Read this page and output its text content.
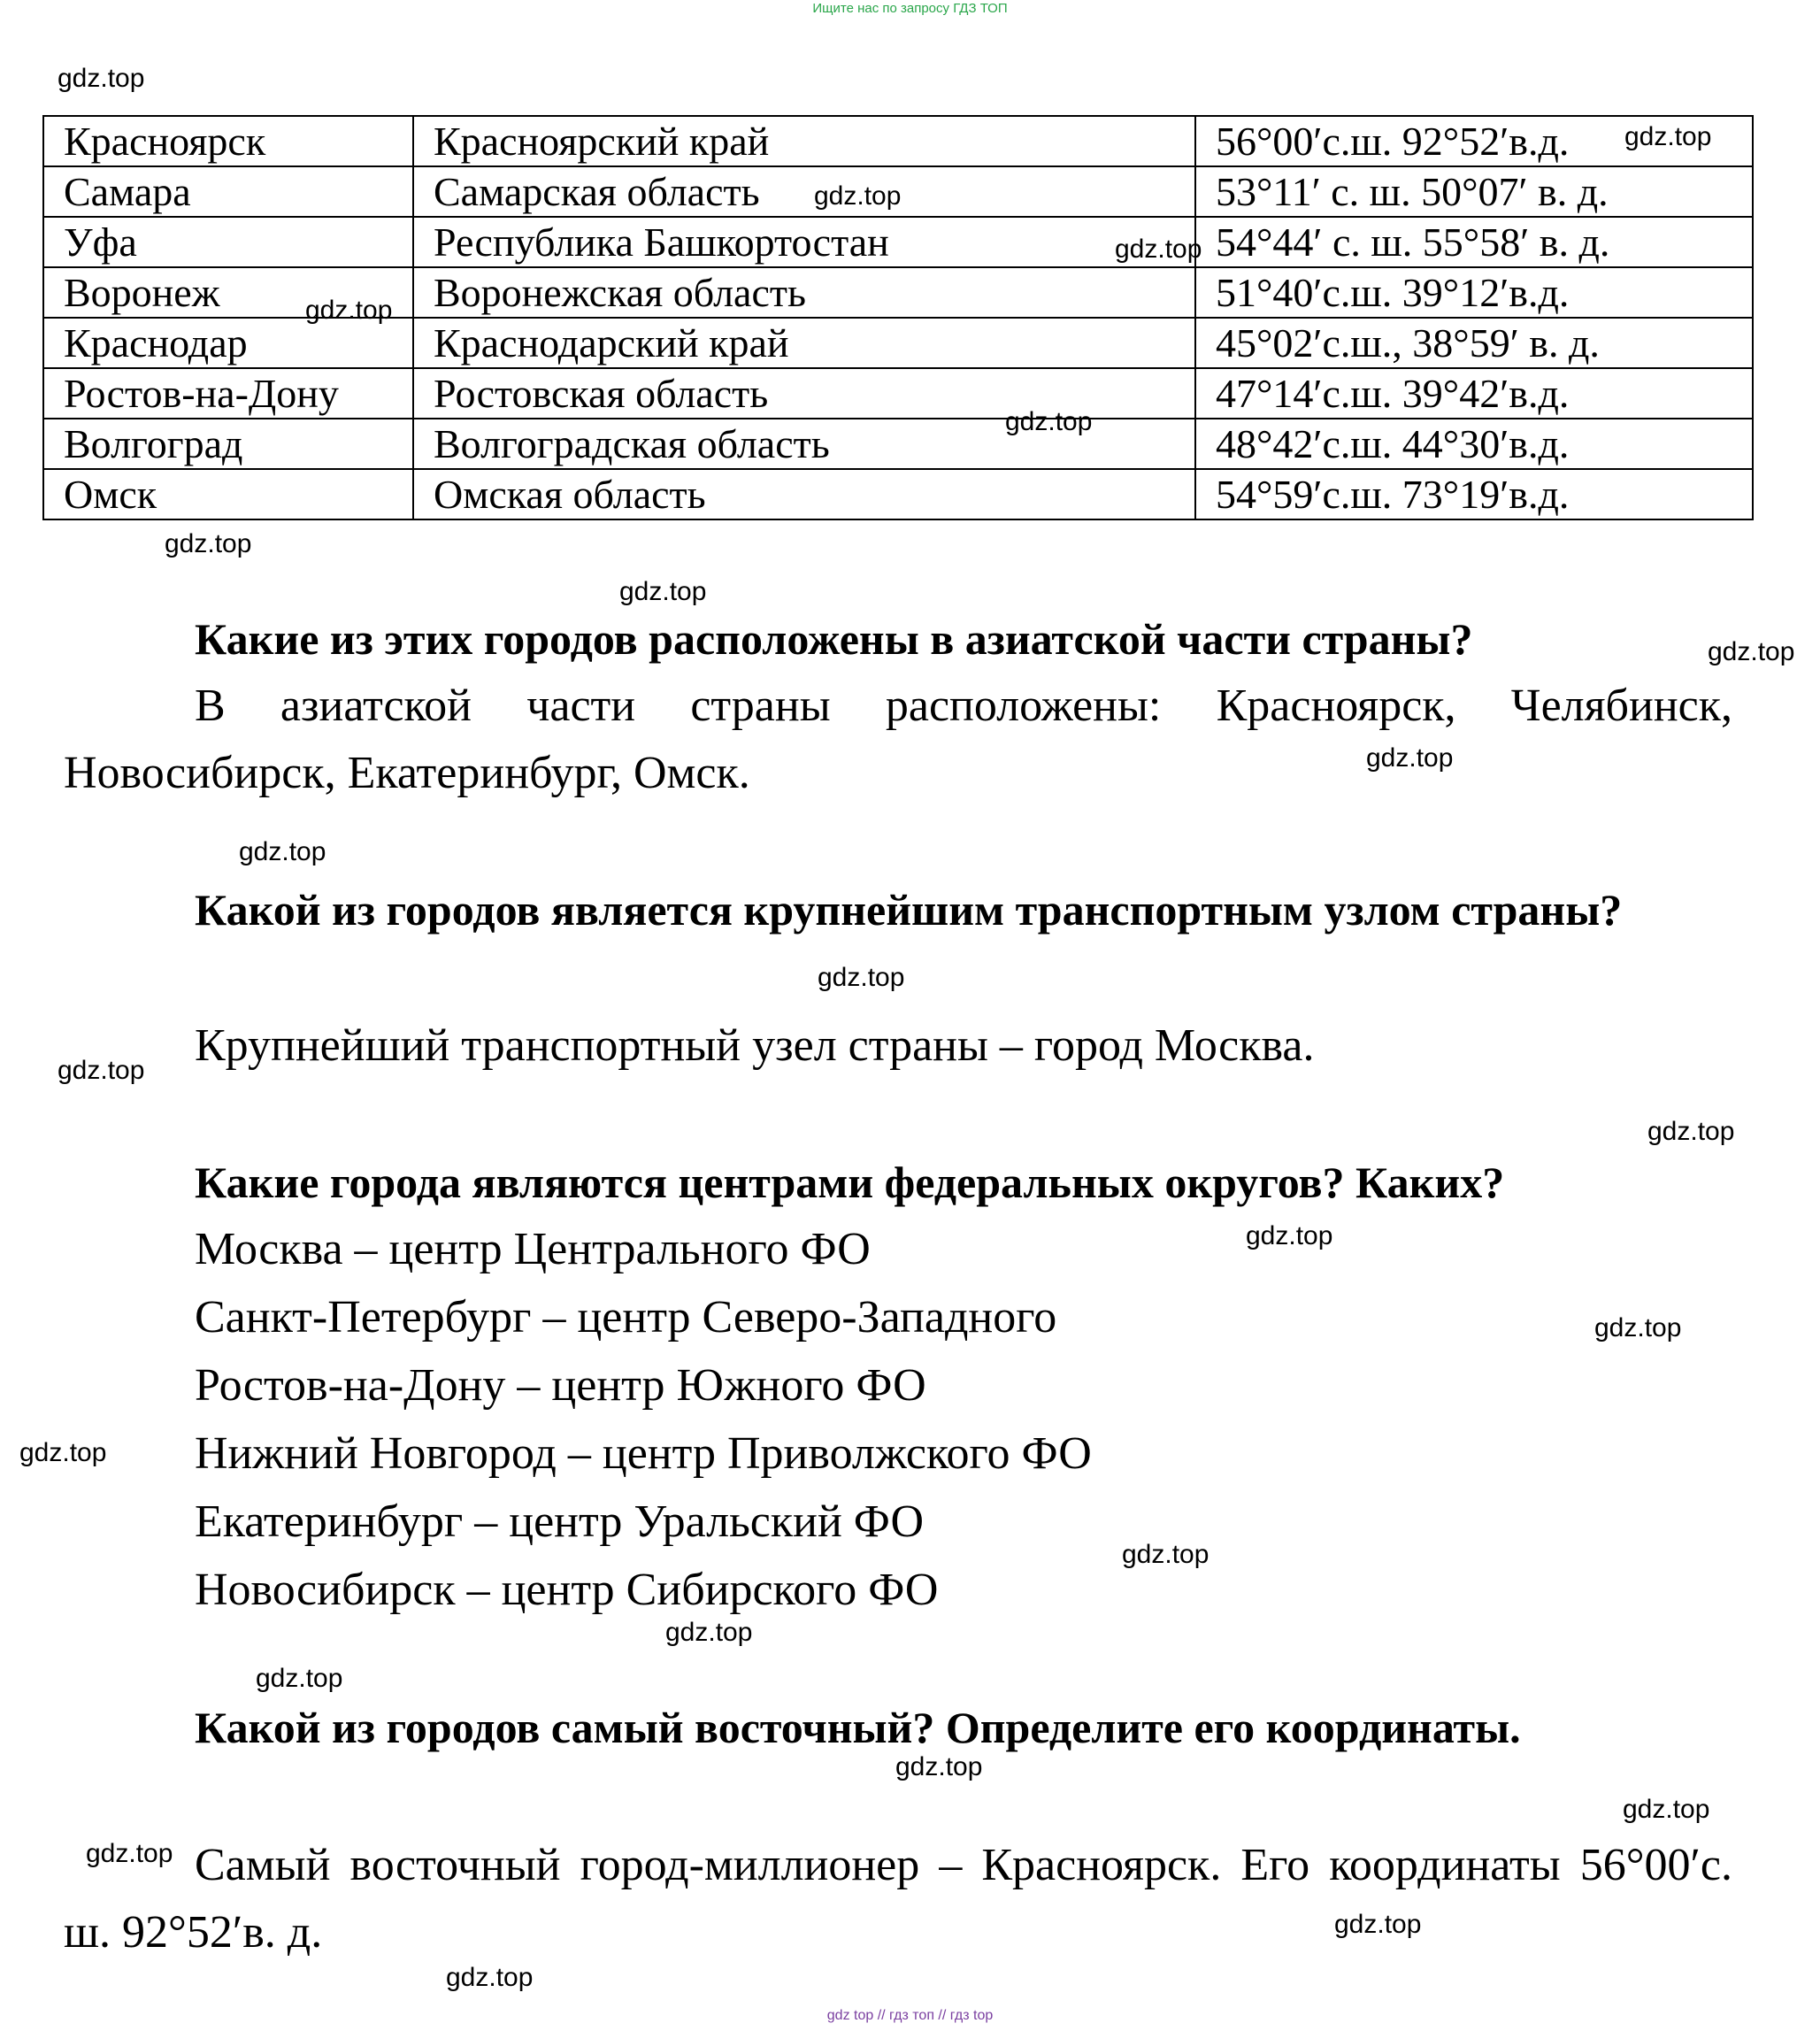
Ищите нас по запросу ГДЗ ТОП
Красноярск	Красноярский край	56°00′с.ш. 92°52′в.д.
Самара	Самарская область	53°11′ с. ш. 50°07′ в. д.
Уфа	Республика Башкортостан	54°44′ с. ш. 55°58′ в. д.
Воронеж	Воронежская область	51°40′с.ш. 39°12′в.д.
Краснодар	Краснодарский край	45°02′с.ш., 38°59′ в. д.
Ростов-на-Дону	Ростовская область	47°14′с.ш. 39°42′в.д.
Волгоград	Волгоградская область	48°42′с.ш. 44°30′в.д.
Омск	Омская область	54°59′с.ш. 73°19′в.д.
Какие из этих городов расположены в азиатской части страны?
В азиатской части страны расположены: Красноярск, Челябинск, Новосибирск, Екатеринбург, Омск.
Какой из городов является крупнейшим транспортным узлом страны?
Крупнейший транспортный узел страны – город Москва.
Какие города являются центрами федеральных округов? Каких?
Москва – центр Центрального ФО
Санкт-Петербург – центр Северо-Западного
Ростов-на-Дону – центр Южного ФО
Нижний Новгород – центр Приволжского ФО
Екатеринбург – центр Уральский ФО
Новосибирск – центр Сибирского ФО
Какой из городов самый восточный? Определите его координаты.
Самый восточный город-миллионер – Красноярск. Его координаты 56°00′с. ш. 92°52′в. д.
gdz.top
gdz.top
gdz.top
gdz.top
gdz.top
gdz.top
gdz.top
gdz.top
gdz.top
gdz.top
gdz.top
gdz.top
gdz.top
gdz.top
gdz.top
gdz.top
gdz.top
gdz.top
gdz.top
gdz.top
gdz.top
gdz.top
gdz.top
gdz.top
gdz.top
gdz top // гдз топ // гдз top
